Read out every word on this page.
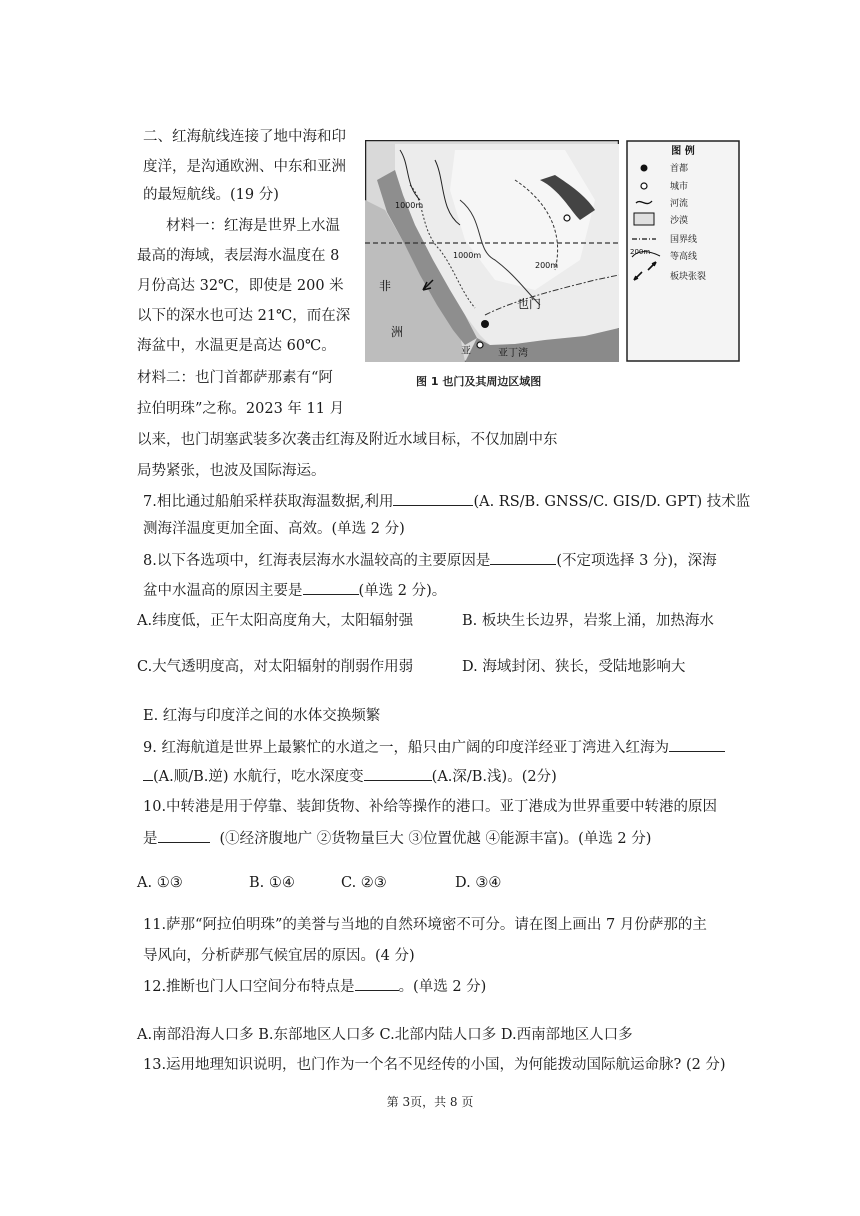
二、红海航线连接了地中海和印
度洋，是沟通欧洲、中东和亚洲
的最短航线。(19 分)
材料一：红海是世界上水温
最高的海域，表层海水温度在 8
月份高达 32℃，即使是 200 米
以下的深水也可达 21℃，而在深
海盆中，水温更是高达 60℃。
材料二：也门首都萨那素有“阿
拉伯明珠”之称。2023 年 11 月
以来，也门胡塞武装多次袭击红海及附近水域目标，不仅加剧中东
局势紧张，也波及国际海运。
1000m
1000m
200m
非
洲
也门
亚	亚丁湾
图 例
200m
首都
城市
河流
沙漠
国界线
等高线
板块张裂
图 1 也门及其周边区域图
7.相比通过船舶采样获取海温数据,利用	(A. RS/B. GNSS/C. GIS/D. GPT) 技术监
测海洋温度更加全面、高效。(单选 2 分)
8.以下各选项中，红海表层海水水温较高的主要原因是	(不定项选择 3 分)，深海
盆中水温高的原因主要是	(单选 2 分)。
A.纬度低，正午太阳高度角大，太阳辐射强	B. 板块生长边界，岩浆上涌，加热海水
C.大气透明度高，对太阳辐射的削弱作用弱	D. 海域封闭、狭长，受陆地影响大
E. 红海与印度洋之间的水体交换频繁
9. 红海航道是世界上最繁忙的水道之一，船只由广阔的印度洋经亚丁湾进入红海为
(A.顺/B.逆) 水航行，吃水深度变	(A.深/B.浅)。(2分)
10.中转港是用于停靠、装卸货物、补给等操作的港口。亚丁港成为世界重要中转港的原因
是	(①经济腹地广 ②货物量巨大 ③位置优越 ④能源丰富)。(单选 2 分)
A. ①③	B. ①④	C. ②③	D. ③④
11.萨那“阿拉伯明珠”的美誉与当地的自然环境密不可分。请在图上画出 7 月份萨那的主
导风向，分析萨那气候宜居的原因。(4 分)
12.推断也门人口空间分布特点是	。(单选 2 分)
A.南部沿海人口多 B.东部地区人口多 C.北部内陆人口多 D.西南部地区人口多
13.运用地理知识说明，也门作为一个名不见经传的小国，为何能拨动国际航运命脉? (2 分)
第 3页，共 8 页
